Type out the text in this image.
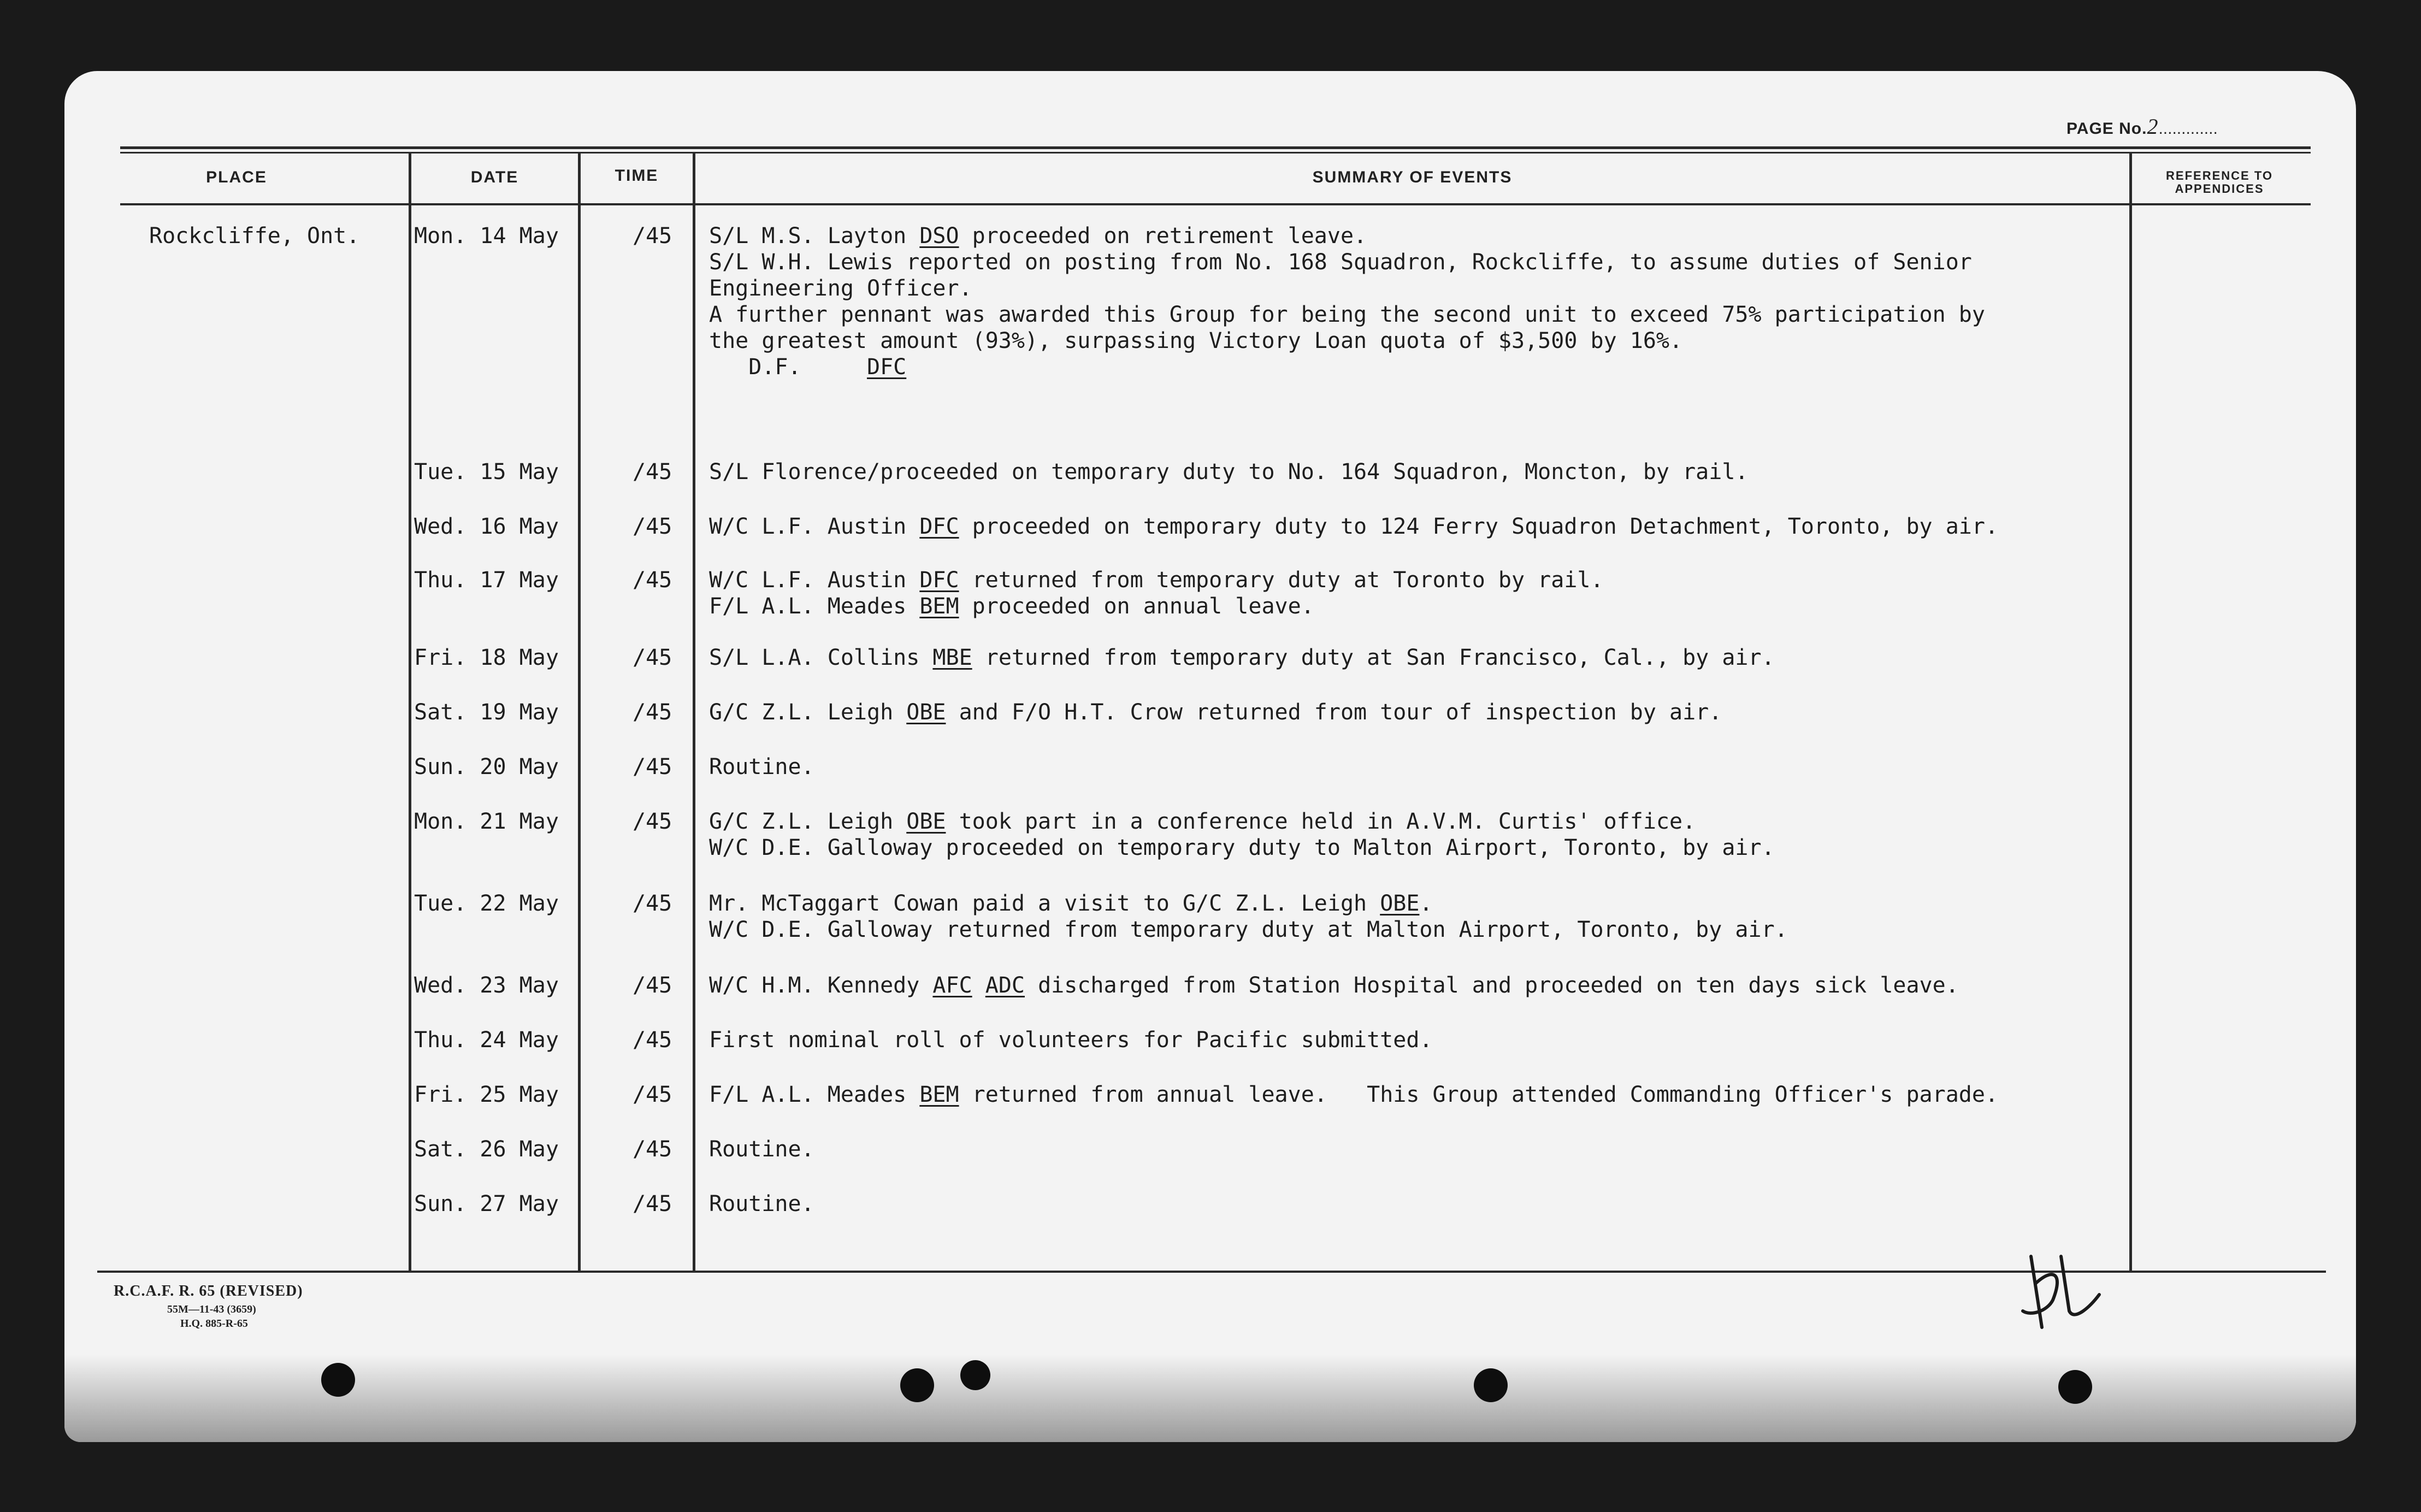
PAGE No.2.............
PLACE	DATE	TIME	SUMMARY OF EVENTS	REFERENCE TO
APPENDICES
Rockcliffe, Ont. Mon. 14 May	/45 S/L M.S. Layton DSO proceeded on retirement leave.
S/L W.H. Lewis reported on posting from No. 168 Squadron, Rockcliffe, to assume duties of Senior
Engineering Officer.
A further pennant was awarded this Group for being the second unit to exceed 75% participation by
the greatest amount (93%), surpassing Victory Loan quota of $3,500 by 16%.
D.F.     DFC
Tue. 15 May	/45 S/L Florence/proceeded on temporary duty to No. 164 Squadron, Moncton, by rail.
Wed. 16 May	/45 W/C L.F. Austin DFC proceeded on temporary duty to 124 Ferry Squadron Detachment, Toronto, by air.
Thu. 17 May	/45 W/C L.F. Austin DFC returned from temporary duty at Toronto by rail.
F/L A.L. Meades BEM proceeded on annual leave.
Fri. 18 May	/45 S/L L.A. Collins MBE returned from temporary duty at San Francisco, Cal., by air.
Sat. 19 May	/45 G/C Z.L. Leigh OBE and F/O H.T. Crow returned from tour of inspection by air.
Sun. 20 May	/45 Routine.
Mon. 21 May	/45 G/C Z.L. Leigh OBE took part in a conference held in A.V.M. Curtis' office.
W/C D.E. Galloway proceeded on temporary duty to Malton Airport, Toronto, by air.
Tue. 22 May	/45 Mr. McTaggart Cowan paid a visit to G/C Z.L. Leigh OBE.
W/C D.E. Galloway returned from temporary duty at Malton Airport, Toronto, by air.
Wed. 23 May	/45 W/C H.M. Kennedy AFC ADC discharged from Station Hospital and proceeded on ten days sick leave.
Thu. 24 May	/45 First nominal roll of volunteers for Pacific submitted.
Fri. 25 May	/45 F/L A.L. Meades BEM returned from annual leave.   This Group attended Commanding Officer's parade.
Sat. 26 May	/45 Routine.
Sun. 27 May	/45 Routine.
R.C.A.F. R. 65 (REVISED)
55M—11-43 (3659)
H.Q. 885-R-65
